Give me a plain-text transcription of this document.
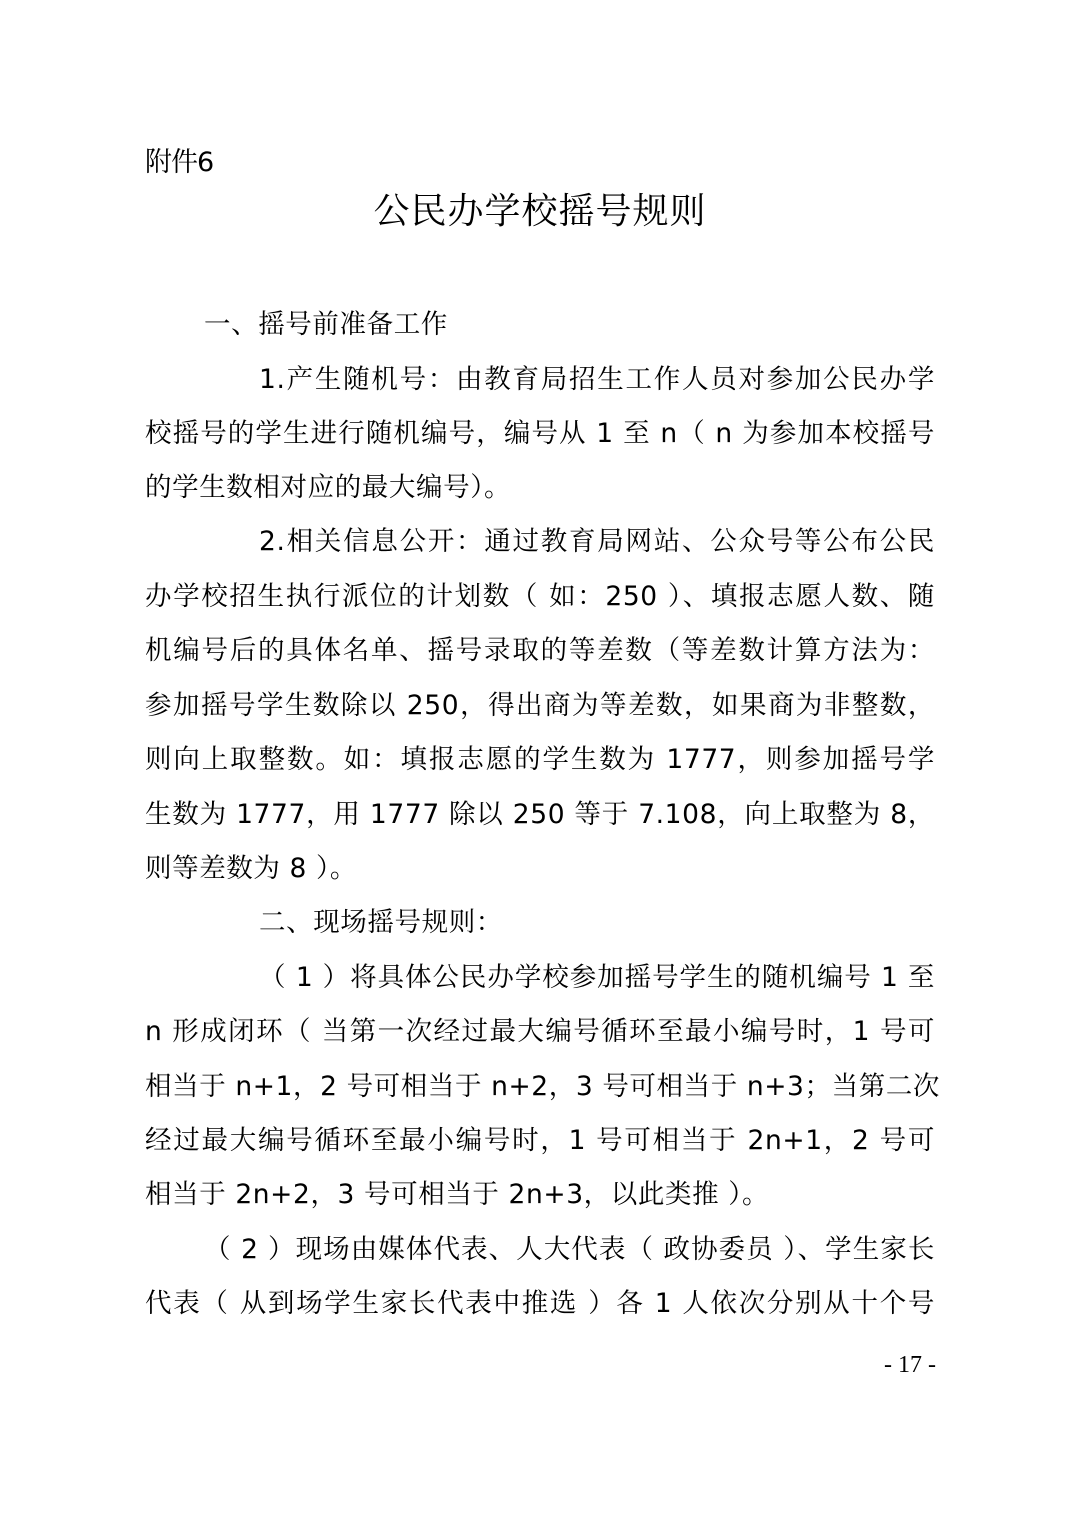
附件6
公民办学校摇号规则
一、摇号前准备工作
1.产生随机号：由教育局招生工作人员对参加公民办学
校摇号的学生进行随机编号，编号从 1 至 n（ n 为参加本校摇号
的学生数相对应的最大编号）。
2.相关信息公开：通过教育局网站、公众号等公布公民
办学校招生执行派位的计划数（ 如：250 ）、填报志愿人数、随
机编号后的具体名单、摇号录取的等差数（等差数计算方法为：
参加摇号学生数除以 250，得出商为等差数，如果商为非整数，
则向上取整数。如：填报志愿的学生数为 1777，则参加摇号学
生数为 1777，用 1777 除以 250 等于 7.108，向上取整为 8，
则等差数为 8 ）。
二、现场摇号规则：
（ 1 ）将具体公民办学校参加摇号学生的随机编号 1 至
n 形成闭环（ 当第一次经过最大编号循环至最小编号时，1 号可
相当于 n+1，2 号可相当于 n+2，3 号可相当于 n+3；当第二次
经过最大编号循环至最小编号时，1 号可相当于 2n+1，2 号可
相当于 2n+2，3 号可相当于 2n+3，以此类推 ）。
（ 2 ）现场由媒体代表、人大代表（ 政协委员 ）、学生家长
代表（ 从到场学生家长代表中推选 ）各 1 人依次分别从十个号
- 17 -
